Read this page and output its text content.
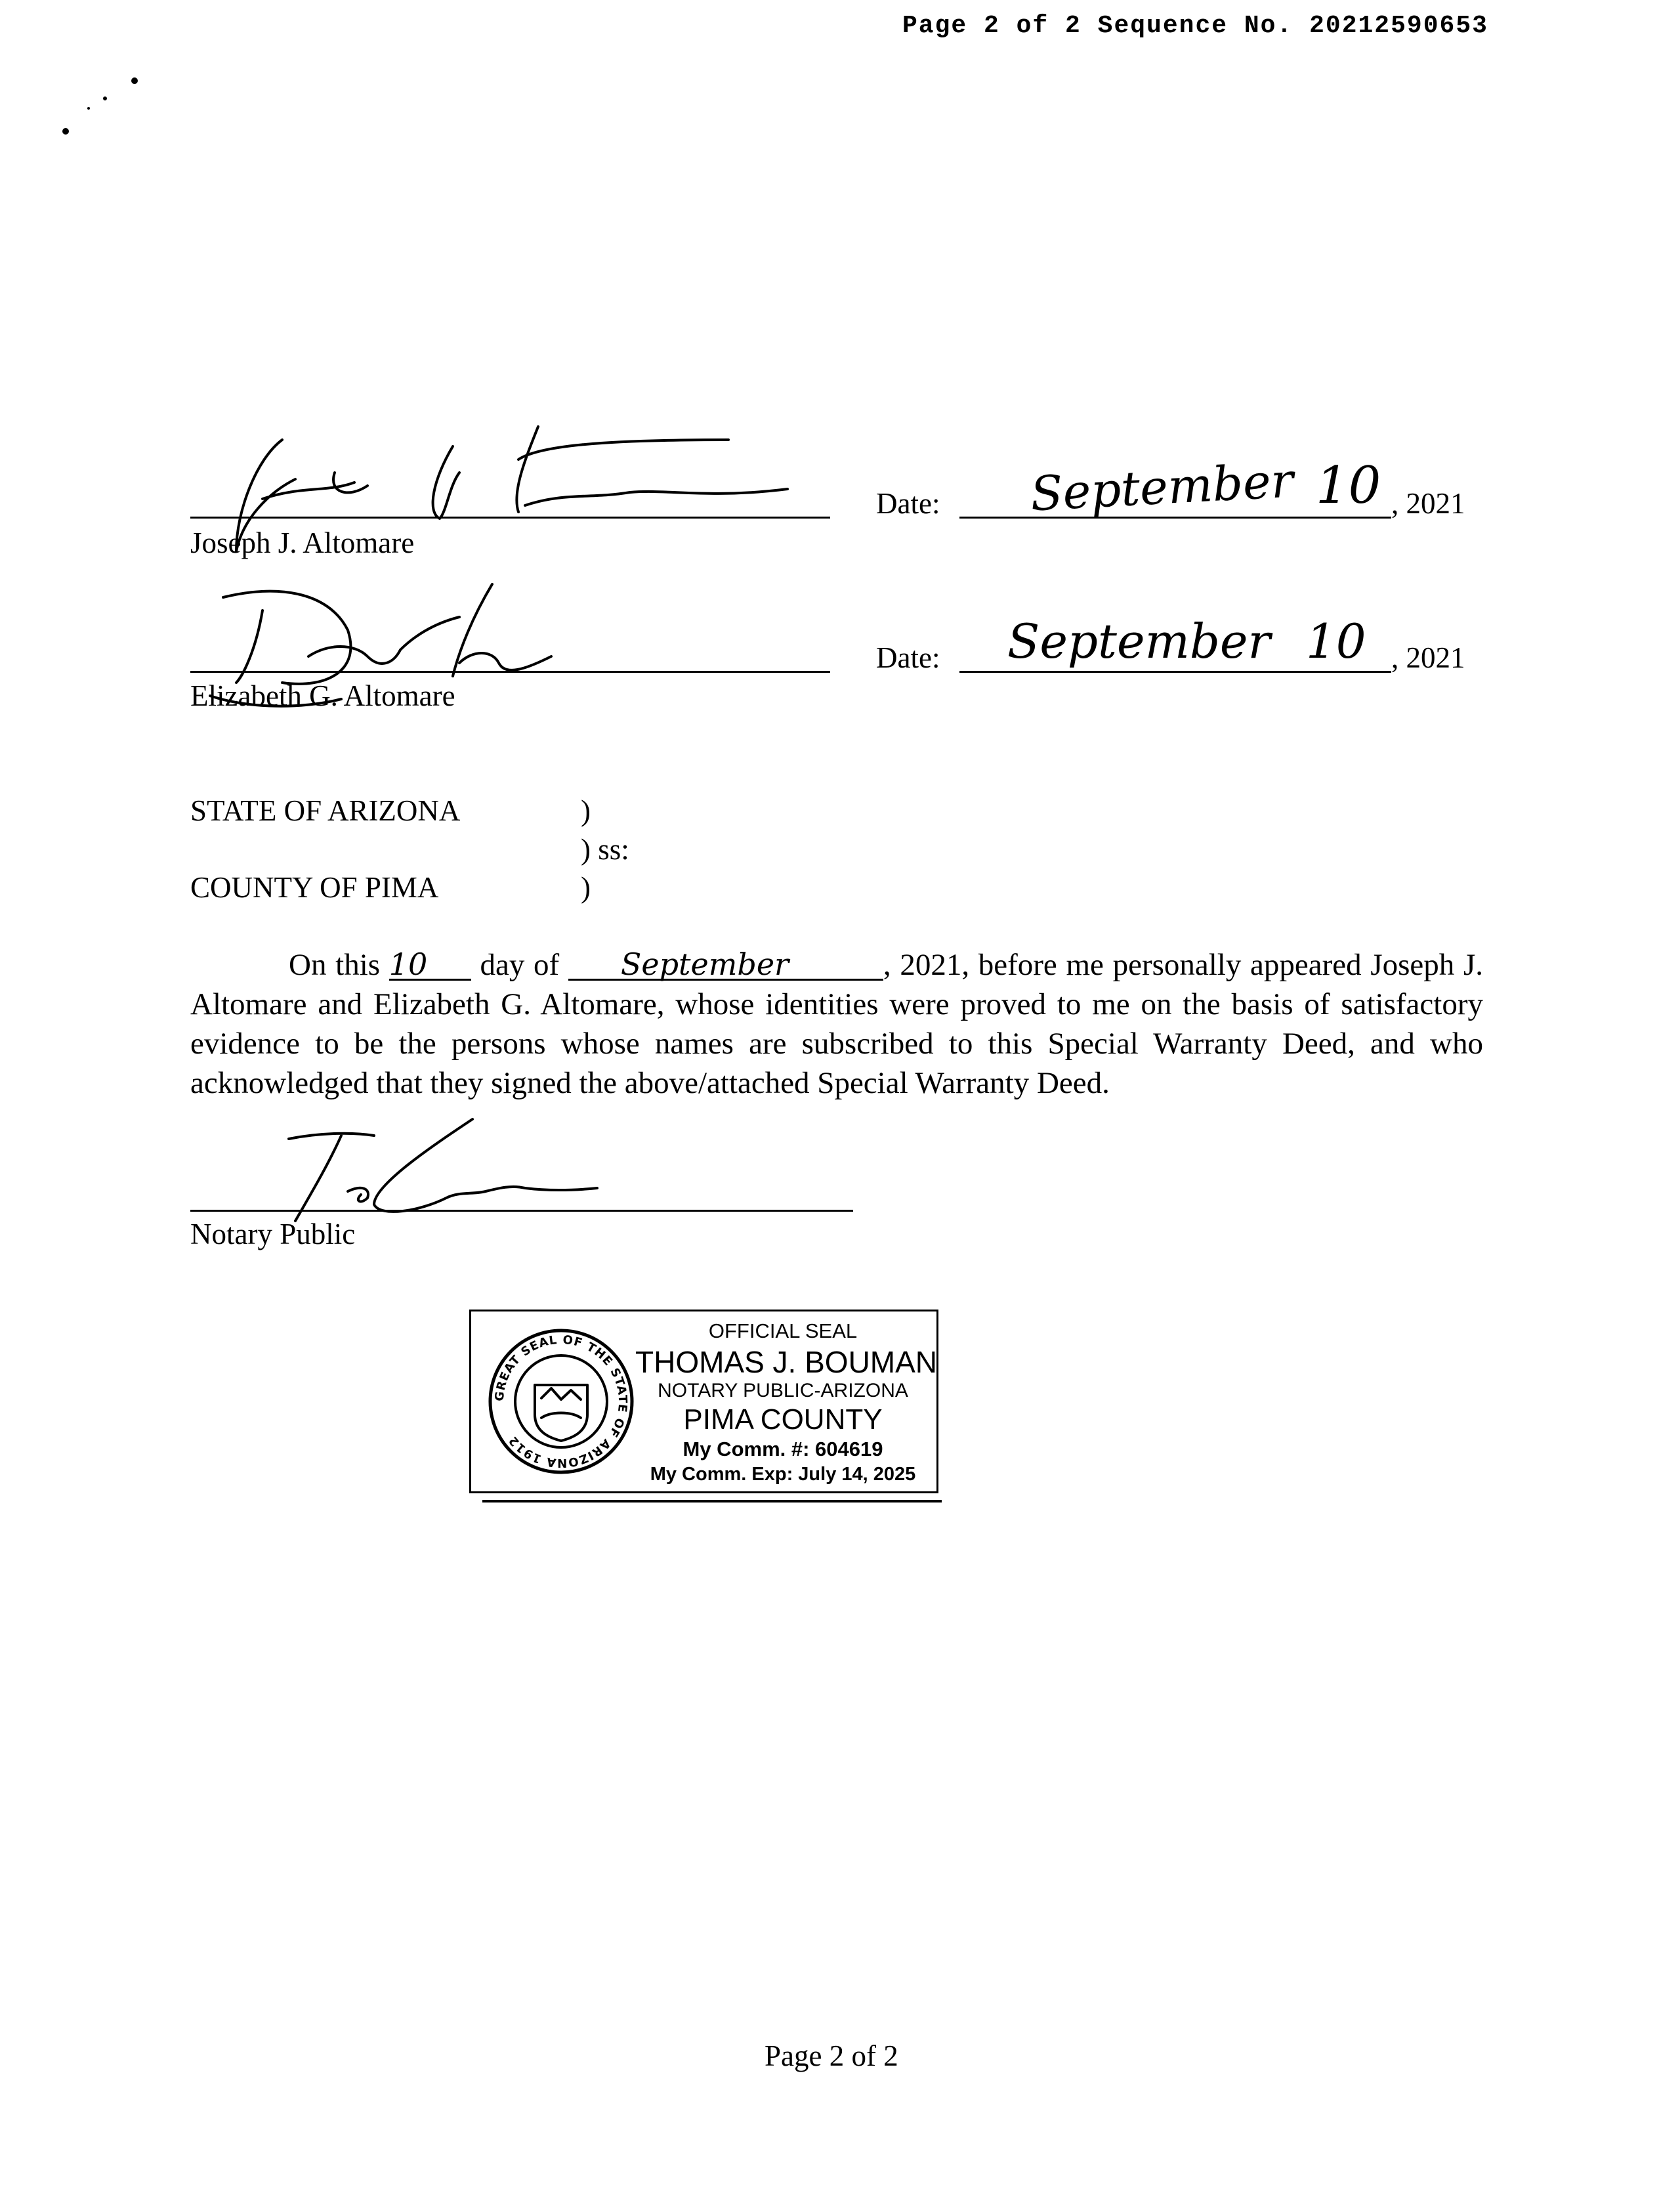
Page 2 of 2 Sequence No. 20212590653
Joseph J. Altomare
Date: September 10 , 2021
Elizabeth G. Altomare
Date: September 10 , 2021
STATE OF ARIZONA	)
) ss:
COUNTY OF PIMA	)
On this 10 day of September	, 2021, before me personally appeared Joseph J. Altomare and Elizabeth G. Altomare, whose identities were proved to me on the basis of satisfactory evidence to be the persons whose names are subscribed to this Special Warranty Deed, and who acknowledged that they signed the above/attached Special Warranty Deed.
Notary Public
GREAT SEAL OF THE STATE OF ARIZONA 1912
OFFICIAL SEAL
THOMAS J. BOUMAN
NOTARY PUBLIC-ARIZONA
PIMA COUNTY
My Comm. #: 604619
My Comm. Exp: July 14, 2025
Page 2 of 2
